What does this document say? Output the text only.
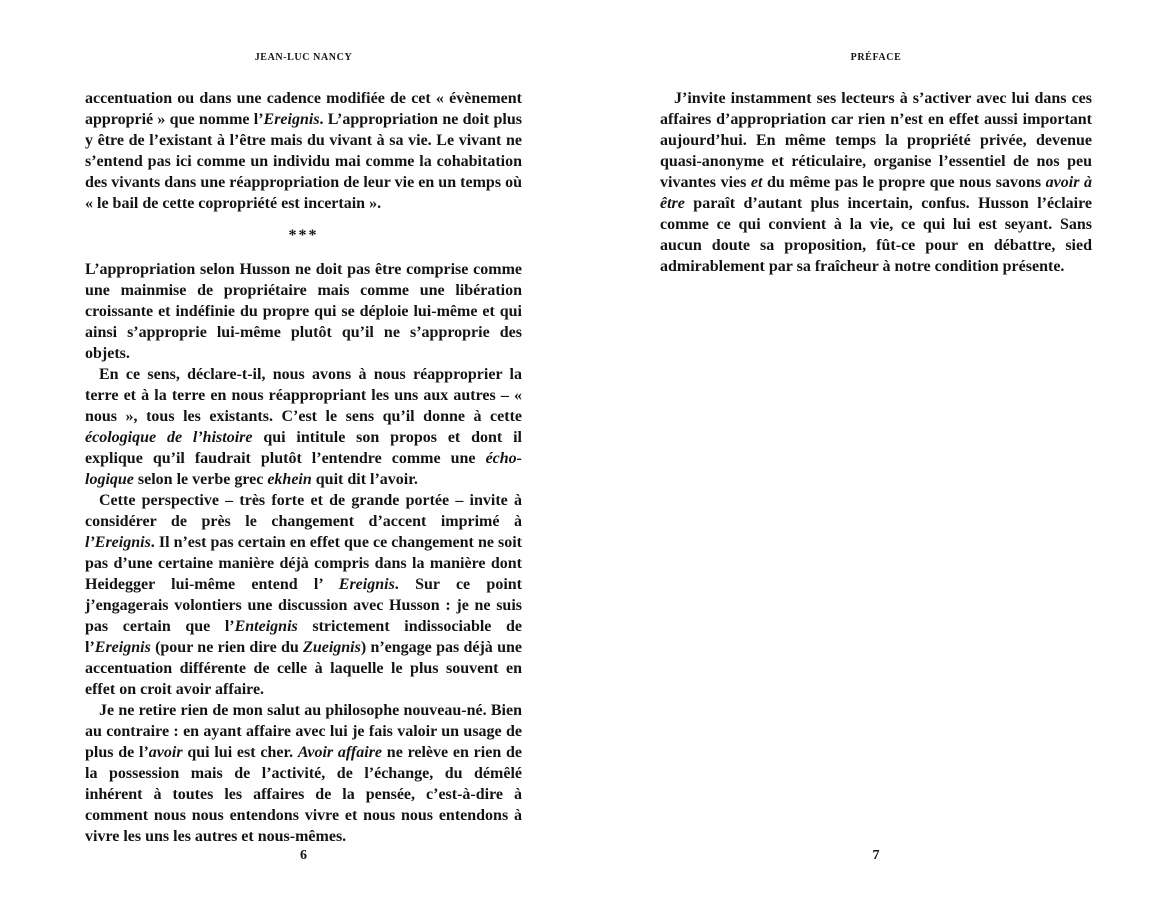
JEAN-LUC NANCY

accentuation ou dans une cadence modifiée de cet « évènement approprié » que nomme l’Ereignis. L’appropriation ne doit plus y être de l’existant à l’être mais du vivant à sa vie. Le vivant ne s’entend pas ici comme un individu mai comme la cohabitation des vivants dans une réappropriation de leur vie en un temps où « le bail de cette copropriété est incertain ».

***

L’appropriation selon Husson ne doit pas être comprise comme une mainmise de propriétaire mais comme une libération croissante et indéfinie du propre qui se déploie lui-même et qui ainsi s’approprie lui-même plutôt qu’il ne s’approprie des objets.

En ce sens, déclare-t-il, nous avons à nous réapproprier la terre et à la terre en nous réappropriant les uns aux autres – « nous », tous les existants. C’est le sens qu’il donne à cette écologique de l’histoire qui intitule son propos et dont il explique qu’il faudrait plutôt l’entendre comme une écho-logique selon le verbe grec ekhein quit dit l’avoir.

Cette perspective – très forte et de grande portée – invite à considérer de près le changement d’accent imprimé à l’Ereignis. Il n’est pas certain en effet que ce changement ne soit pas d’une certaine manière déjà compris dans la manière dont Heidegger lui-même entend l’ Ereignis. Sur ce point j’engagerais volontiers une discussion avec Husson : je ne suis pas certain que l’Enteignis strictement indissociable de l’Ereignis (pour ne rien dire du Zueignis) n’engage pas déjà une accentuation différente de celle à laquelle le plus souvent en effet on croit avoir affaire.

Je ne retire rien de mon salut au philosophe nouveau-né. Bien au contraire : en ayant affaire avec lui je fais valoir un usage de plus de l’avoir qui lui est cher. Avoir affaire ne relève en rien de la possession mais de l’activité, de l’échange, du démêlé inhérent à toutes les affaires de la pensée, c’est-à-dire à comment nous nous entendons vivre et nous nous entendons à vivre les uns les autres et nous-mêmes.

6
PRÉFACE

J’invite instamment ses lecteurs à s’activer avec lui dans ces affaires d’appropriation car rien n’est en effet aussi important aujourd’hui. En même temps la propriété privée, devenue quasi-anonyme et réticulaire, organise l’essentiel de nos peu vivantes vies et du même pas le propre que nous savons avoir à être paraît d’autant plus incertain, confus. Husson l’éclaire comme ce qui convient à la vie, ce qui lui est seyant. Sans aucun doute sa proposition, fût-ce pour en débattre, sied admirablement par sa fraîcheur à notre condition présente.

7
